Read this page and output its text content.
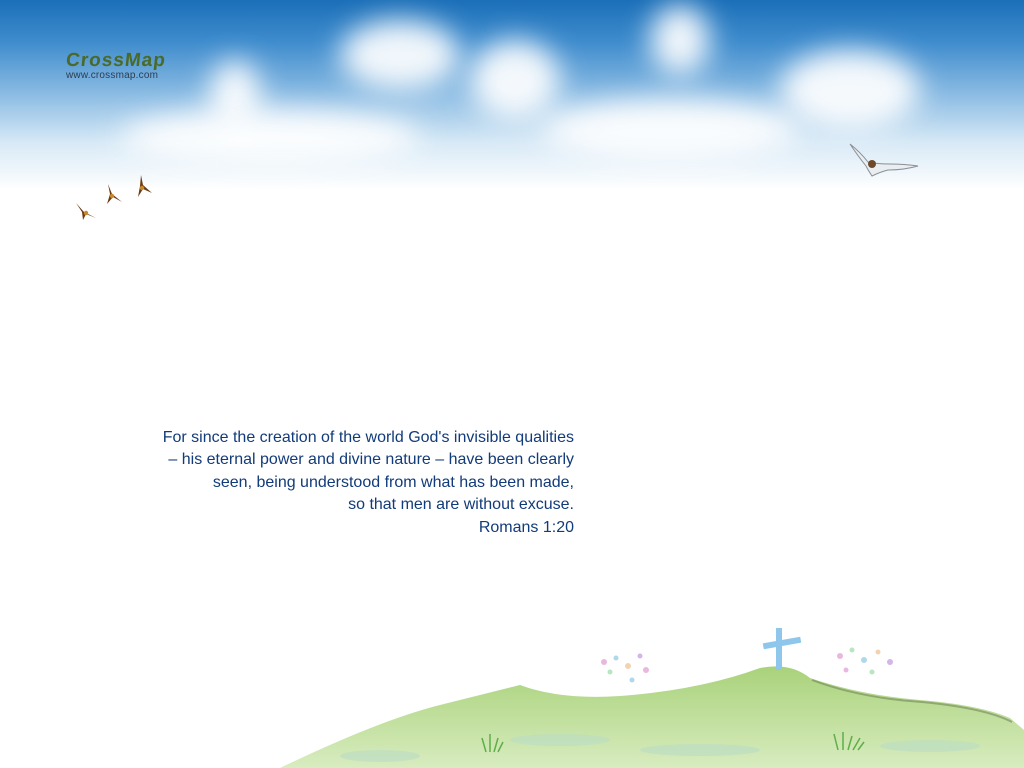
CrossMap
www.crossmap.com
For since the creation of the world God's invisible qualities
– his eternal power and divine nature – have been clearly
seen, being understood from what has been made,
so that men are without excuse.
Romans 1:20
